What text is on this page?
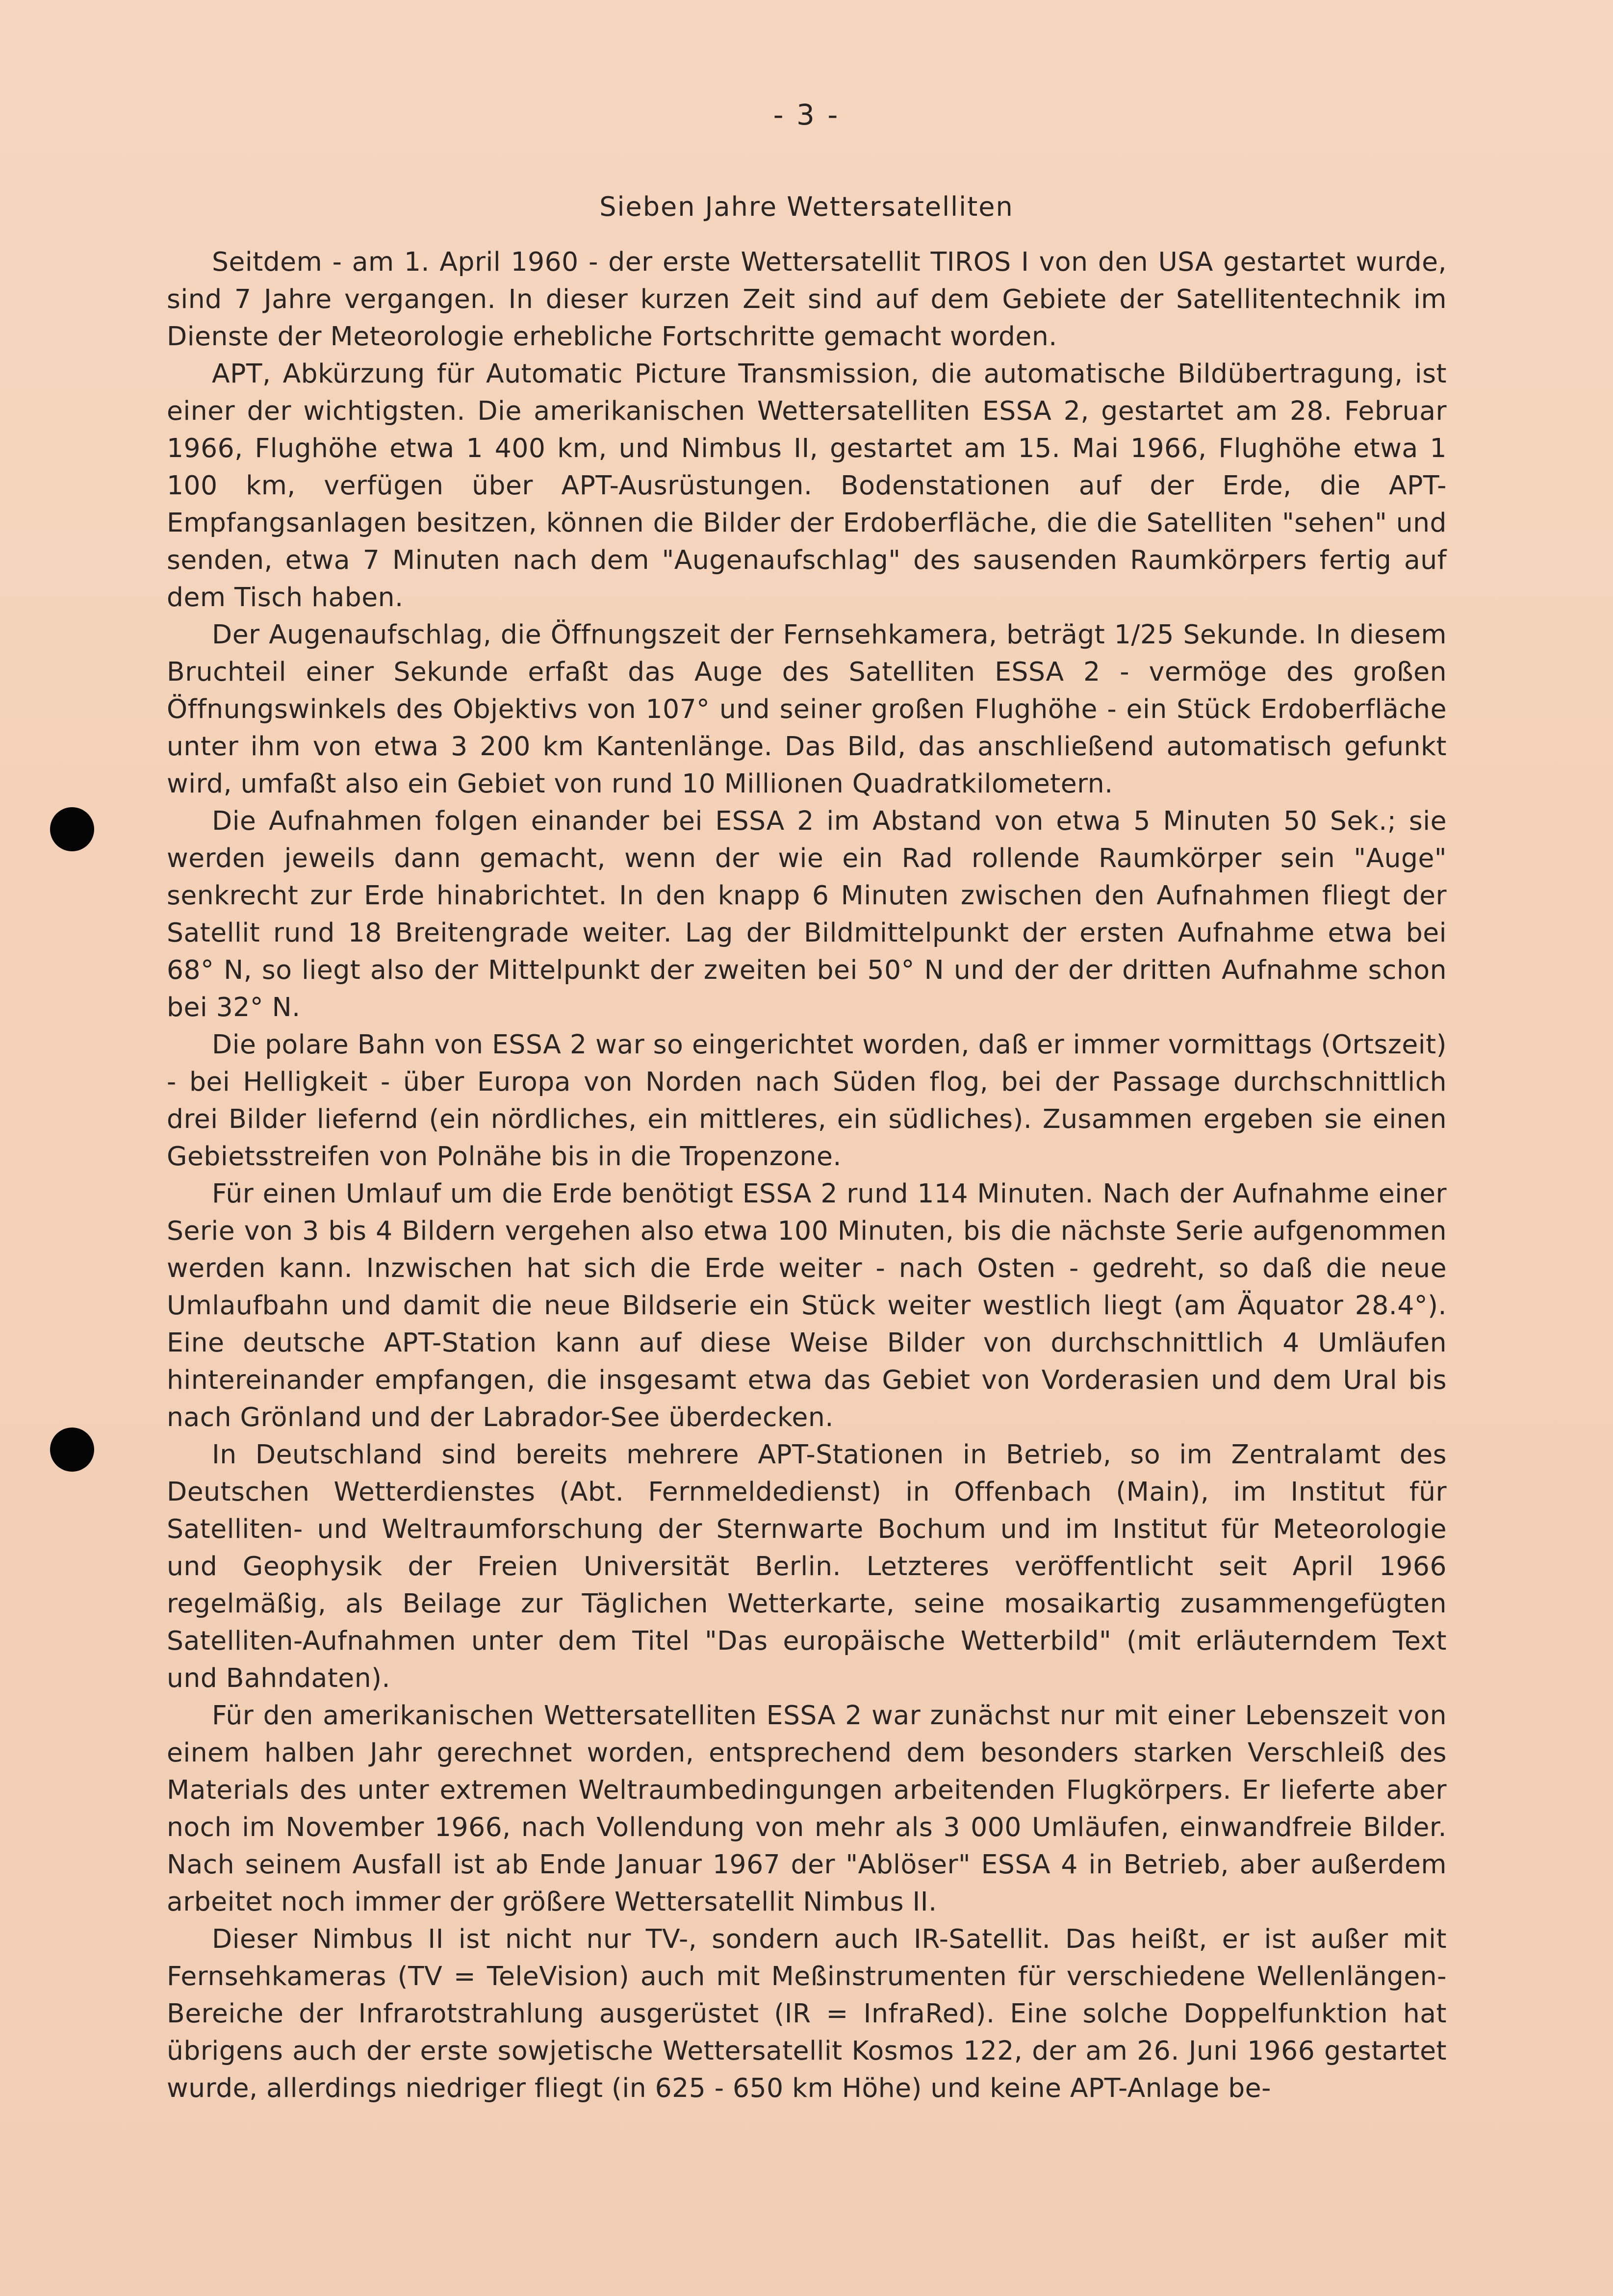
- 3 -
Sieben Jahre Wettersatelliten

Seitdem - am 1. April 1960 - der erste Wettersatellit TIROS I von den USA gestartet wurde, sind 7 Jahre vergangen. In dieser kurzen Zeit sind auf dem Gebiete der Satellitentechnik im Dienste der Meteorologie erhebliche Fortschritte gemacht worden.

APT, Abkürzung für Automatic Picture Transmission, die automatische Bildübertragung, ist einer der wichtigsten. Die amerikanischen Wettersatelliten ESSA 2, gestartet am 28. Februar 1966, Flughöhe etwa 1 400 km, und Nimbus II, gestartet am 15. Mai 1966, Flughöhe etwa 1 100 km, verfügen über APT-Ausrüstungen. Bodenstationen auf der Erde, die APT-Empfangsanlagen besitzen, können die Bilder der Erdoberfläche, die die Satelliten "sehen" und senden, etwa 7 Minuten nach dem "Augenaufschlag" des sausenden Raumkörpers fertig auf dem Tisch haben.

Der Augenaufschlag, die Öffnungszeit der Fernsehkamera, beträgt 1/25 Sekunde. In diesem Bruchteil einer Sekunde erfaßt das Auge des Satelliten ESSA 2 - vermöge des großen Öffnungswinkels des Objektivs von 107° und seiner großen Flughöhe - ein Stück Erdoberfläche unter ihm von etwa 3 200 km Kantenlänge. Das Bild, das anschließend automatisch gefunkt wird, umfaßt also ein Gebiet von rund 10 Millionen Quadratkilometern.

Die Aufnahmen folgen einander bei ESSA 2 im Abstand von etwa 5 Minuten 50 Sek.; sie werden jeweils dann gemacht, wenn der wie ein Rad rollende Raumkörper sein "Auge" senkrecht zur Erde hinabrichtet. In den knapp 6 Minuten zwischen den Aufnahmen fliegt der Satellit rund 18 Breitengrade weiter. Lag der Bildmittelpunkt der ersten Aufnahme etwa bei 68° N, so liegt also der Mittelpunkt der zweiten bei 50° N und der der dritten Aufnahme schon bei 32° N.

Die polare Bahn von ESSA 2 war so eingerichtet worden, daß er immer vormittags (Ortszeit) - bei Helligkeit - über Europa von Norden nach Süden flog, bei der Passage durchschnittlich drei Bilder liefernd (ein nördliches, ein mittleres, ein südliches). Zusammen ergeben sie einen Gebietsstreifen von Polnähe bis in die Tropenzone.

Für einen Umlauf um die Erde benötigt ESSA 2 rund 114 Minuten. Nach der Aufnahme einer Serie von 3 bis 4 Bildern vergehen also etwa 100 Minuten, bis die nächste Serie aufgenommen werden kann. Inzwischen hat sich die Erde weiter - nach Osten - gedreht, so daß die neue Umlaufbahn und damit die neue Bildserie ein Stück weiter westlich liegt (am Äquator 28.4°). Eine deutsche APT-Station kann auf diese Weise Bilder von durchschnittlich 4 Umläufen hintereinander empfangen, die insgesamt etwa das Gebiet von Vorderasien und dem Ural bis nach Grönland und der Labrador-See überdecken.

In Deutschland sind bereits mehrere APT-Stationen in Betrieb, so im Zentralamt des Deutschen Wetterdienstes (Abt. Fernmeldedienst) in Offenbach (Main), im Institut für Satelliten- und Weltraumforschung der Sternwarte Bochum und im Institut für Meteorologie und Geophysik der Freien Universität Berlin. Letzteres veröffentlicht seit April 1966 regelmäßig, als Beilage zur Täglichen Wetterkarte, seine mosaikartig zusammengefügten Satelliten-Aufnahmen unter dem Titel "Das europäische Wetterbild" (mit erläuterndem Text und Bahndaten).

Für den amerikanischen Wettersatelliten ESSA 2 war zunächst nur mit einer Lebenszeit von einem halben Jahr gerechnet worden, entsprechend dem besonders starken Verschleiß des Materials des unter extremen Weltraumbedingungen arbeitenden Flugkörpers. Er lieferte aber noch im November 1966, nach Vollendung von mehr als 3 000 Umläufen, einwandfreie Bilder. Nach seinem Ausfall ist ab Ende Januar 1967 der "Ablöser" ESSA 4 in Betrieb, aber außerdem arbeitet noch immer der größere Wettersatellit Nimbus II.

Dieser Nimbus II ist nicht nur TV-, sondern auch IR-Satellit. Das heißt, er ist außer mit Fernsehkameras (TV = TeleVision) auch mit Meßinstrumenten für verschiedene Wellenlängen-Bereiche der Infrarotstrahlung ausgerüstet (IR = InfraRed). Eine solche Doppelfunktion hat übrigens auch der erste sowjetische Wettersatellit Kosmos 122, der am 26. Juni 1966 gestartet wurde, allerdings niedriger fliegt (in 625 - 650 km Höhe) und keine APT-Anlage be-
